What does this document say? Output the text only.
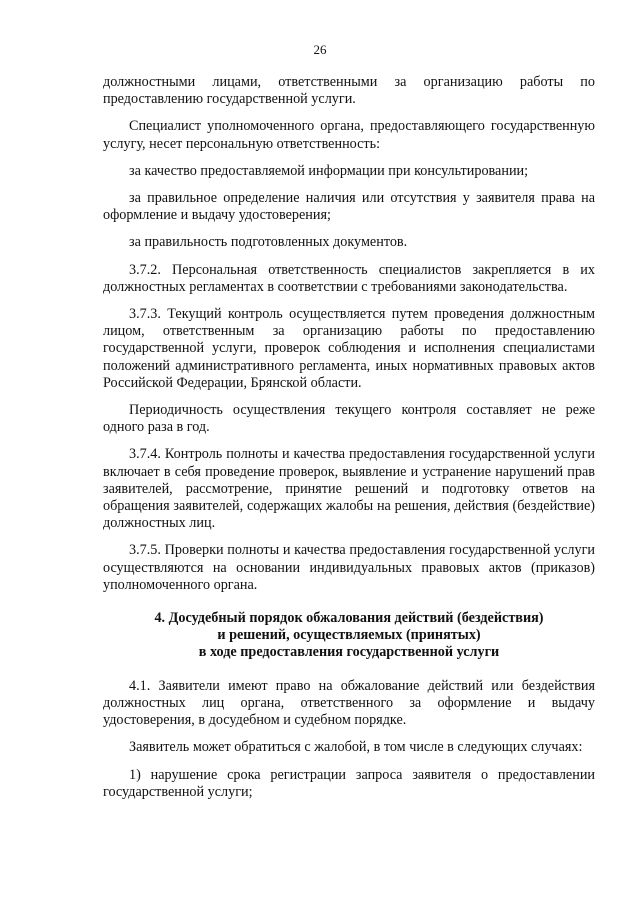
26

должностными лицами, ответственными за организацию работы по предоставлению государственной услуги.

Специалист уполномоченного органа, предоставляющего государственную услугу, несет персональную ответственность:

за качество предоставляемой информации при консультировании;

за правильное определение наличия или отсутствия у заявителя права на оформление и выдачу удостоверения;

за правильность подготовленных документов.

3.7.2. Персональная ответственность специалистов закрепляется в их должностных регламентах в соответствии с требованиями законодательства.

3.7.3. Текущий контроль осуществляется путем проведения должностным лицом, ответственным за организацию работы по предоставлению государственной услуги, проверок соблюдения и исполнения специалистами положений административного регламента, иных нормативных правовых актов Российской Федерации, Брянской области.

Периодичность осуществления текущего контроля составляет не реже одного раза в год.

3.7.4. Контроль полноты и качества предоставления государственной услуги включает в себя проведение проверок, выявление и устранение нарушений прав заявителей, рассмотрение, принятие решений и подготовку ответов на обращения заявителей, содержащих жалобы на решения, действия (бездействие) должностных лиц.

3.7.5. Проверки полноты и качества предоставления государственной услуги осуществляются на основании индивидуальных правовых актов (приказов) уполномоченного органа.

4. Досудебный порядок обжалования действий (бездействия)
и решений, осуществляемых (принятых)
в ходе предоставления государственной услуги

4.1. Заявители имеют право на обжалование действий или бездействия должностных лиц органа, ответственного за оформление и выдачу удостоверения, в досудебном и судебном порядке.

Заявитель может обратиться с жалобой, в том числе в следующих случаях:

1) нарушение срока регистрации запроса заявителя о предоставлении государственной услуги;
